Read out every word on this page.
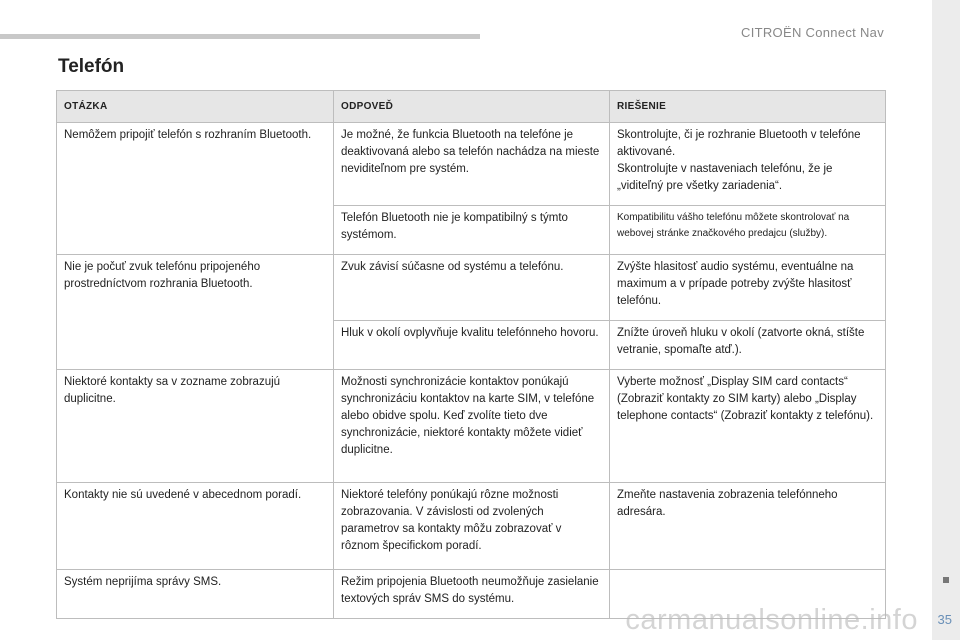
CITROËN Connect Nav
35
Telefón
OTÁZKA	ODPOVEĎ	RIEŠENIE
Nemôžem pripojiť telefón s rozhraním Bluetooth.	Je možné, že funkcia Bluetooth na telefóne je deaktivovaná alebo sa telefón nachádza na mieste neviditeľnom pre systém.	Skontrolujte, či je rozhranie Bluetooth v telefóne aktivované.
Skontrolujte v nastaveniach telefónu, že je „viditeľný pre všetky zariadenia“.

	Telefón Bluetooth nie je kompatibilný s týmto systémom.	Kompatibilitu vášho telefónu môžete skontrolovať na webovej stránke značkového predajcu (služby).
Nie je počuť zvuk telefónu pripojeného prostredníctvom rozhrania Bluetooth.	Zvuk závisí súčasne od systému a telefónu.	Zvýšte hlasitosť audio systému, eventuálne na maximum a v prípade potreby zvýšte hlasitosť telefónu.
	Hluk v okolí ovplyvňuje kvalitu telefónneho hovoru.	Znížte úroveň hluku v okolí (zatvorte okná, stíšte vetranie, spomaľte atď.).
Niektoré kontakty sa v zozname zobrazujú duplicitne.	Možnosti synchronizácie kontaktov ponúkajú synchronizáciu kontaktov na karte SIM, v telefóne alebo obidve spolu. Keď zvolíte tieto dve synchronizácie, niektoré kontakty môžete vidieť duplicitne.	Vyberte možnosť „Display SIM card contacts“ (Zobraziť kontakty zo SIM karty) alebo „Display telephone contacts“ (Zobraziť kontakty z telefónu).
Kontakty nie sú uvedené v abecednom poradí.	Niektoré telefóny ponúkajú rôzne možnosti zobrazovania. V závislosti od zvolených parametrov sa kontakty môžu zobrazovať v rôznom špecifickom poradí.	Zmeňte nastavenia zobrazenia telefónneho adresára.
Systém neprijíma správy SMS.	Režim pripojenia Bluetooth neumožňuje zasielanie textových správ SMS do systému.	
carmanualsonline.info
